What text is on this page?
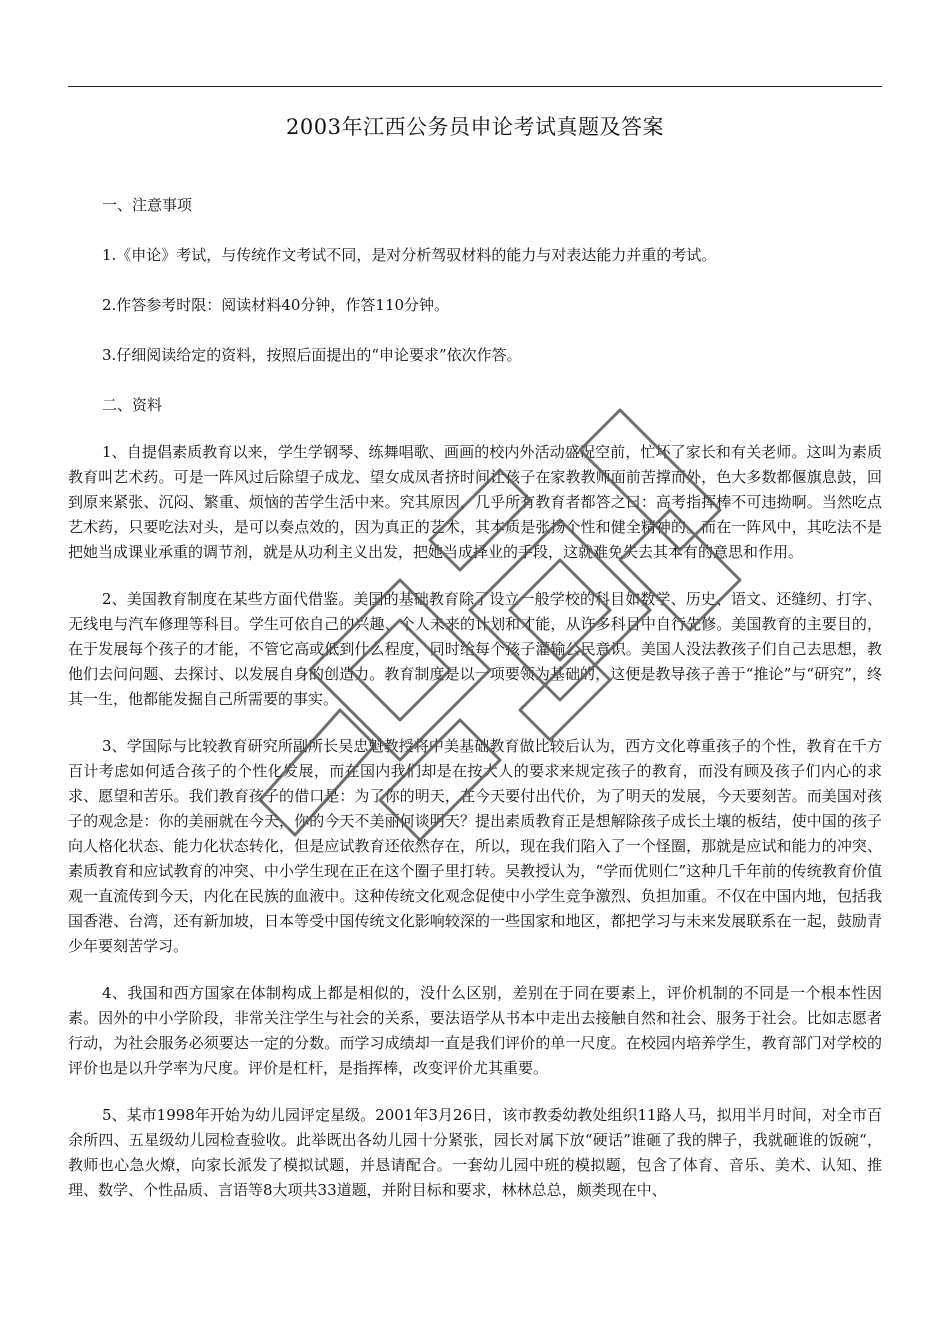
2003年江西公务员申论考试真题及答案
一、注意事项
1.《申论》考试，与传统作文考试不同，是对分析驾驭材料的能力与对表达能力并重的考试。
2.作答参考时限：阅读材料40分钟，作答110分钟。
3.仔细阅读给定的资料，按照后面提出的“申论要求”依次作答。
二、资料

1、自提倡素质教育以来，学生学钢琴、练舞唱歌、画画的校内外活动盛况空前，忙坏了家长和有关老师。这叫为素质教育叫艺术药。可是一阵风过后除望子成龙、望女成凤者挤时间让孩子在家教教师面前苦撑而外，色大多数都偃旗息鼓，回到原来紧张、沉闷、繁重、烦恼的苦学生活中来。究其原因，几乎所有教育者都答之曰：高考指挥棒不可违拗啊。当然吃点艺术药，只要吃法对头，是可以奏点效的，因为真正的艺术，其本质是张扬个性和健全精神的。而在一阵风中，其吃法不是把她当成课业承重的调节剂，就是从功利主义出发，把她当成择业的手段，这就难免失去其本有的意思和作用。

2、美国教育制度在某些方面代借鉴。美国的基础教育除了设立一般学校的科目如数学、历史、语文、还缝纫、打字、无线电与汽车修理等科目。学生可依自己的兴趣、个人未来的计划和才能，从许多科目中自行先修。美国教育的主要目的，在于发展每个孩子的才能，不管它高或低到什么程度，同时给每个孩子灌输公民意识。美国人没法教孩子们自己去思想，教他们去问问题、去探讨、以发展自身的创造力。教育制度是以一项要领为基础的，这便是教导孩子善于“推论”与“研究”，终其一生，他都能发掘自己所需要的事实。

3、学国际与比较教育研究所副所长吴忠魁教授将中美基础教育做比较后认为，西方文化尊重孩子的个性，教育在千方百计考虑如何适合孩子的个性化发展，而在国内我们却是在按大人的要求来规定孩子的教育，而没有顾及孩子们内心的求求、愿望和苦乐。我们教育孩子的借口是：为了你的明天，在今天要付出代价，为了明天的发展，今天要刻苦。而美国对孩子的观念是：你的美丽就在今天，你的今天不美丽何谈明天？提出素质教育正是想解除孩子成长土壤的板结，使中国的孩子向人格化状态、能力化状态转化，但是应试教育还依然存在，所以，现在我们陷入了一个怪圈，那就是应试和能力的冲突、素质教育和应试教育的冲突、中小学生现在正在这个圈子里打转。吴教授认为，“学而优则仁”这种几千年前的传统教育价值观一直流传到今天，内化在民族的血液中。这种传统文化观念促使中小学生竞争激烈、负担加重。不仅在中国内地，包括我国香港、台湾，还有新加坡，日本等受中国传统文化影响较深的一些国家和地区，都把学习与未来发展联系在一起，鼓励青少年要刻苦学习。

4、我国和西方国家在体制构成上都是相似的，没什么区别，差别在于同在要素上，评价机制的不同是一个根本性因素。因外的中小学阶段，非常关注学生与社会的关系，要法语学从书本中走出去接触自然和社会、服务于社会。比如志愿者行动，为社会服务必须要达一定的分数。而学习成绩却一直是我们评价的单一尺度。在校园内培养学生，教育部门对学校的评价也是以升学率为尺度。评价是杠杆，是指挥棒，改变评价尤其重要。

5、某市1998年开始为幼儿园评定星级。2001年3月26日，该市教委幼教处组织11路人马，拟用半月时间，对全市百余所四、五星级幼儿园检查验收。此举既出各幼儿园十分紧张，园长对属下放“硬话”谁砸了我的牌子，我就砸谁的饭碗“，教师也心急火燎，向家长派发了模拟试题，并恳请配合。一套幼儿园中班的模拟题，包含了体育、音乐、美术、认知、推理、数学、个性品质、言语等8大项共33道题，并附目标和要求，林林总总，颇类现在中、
